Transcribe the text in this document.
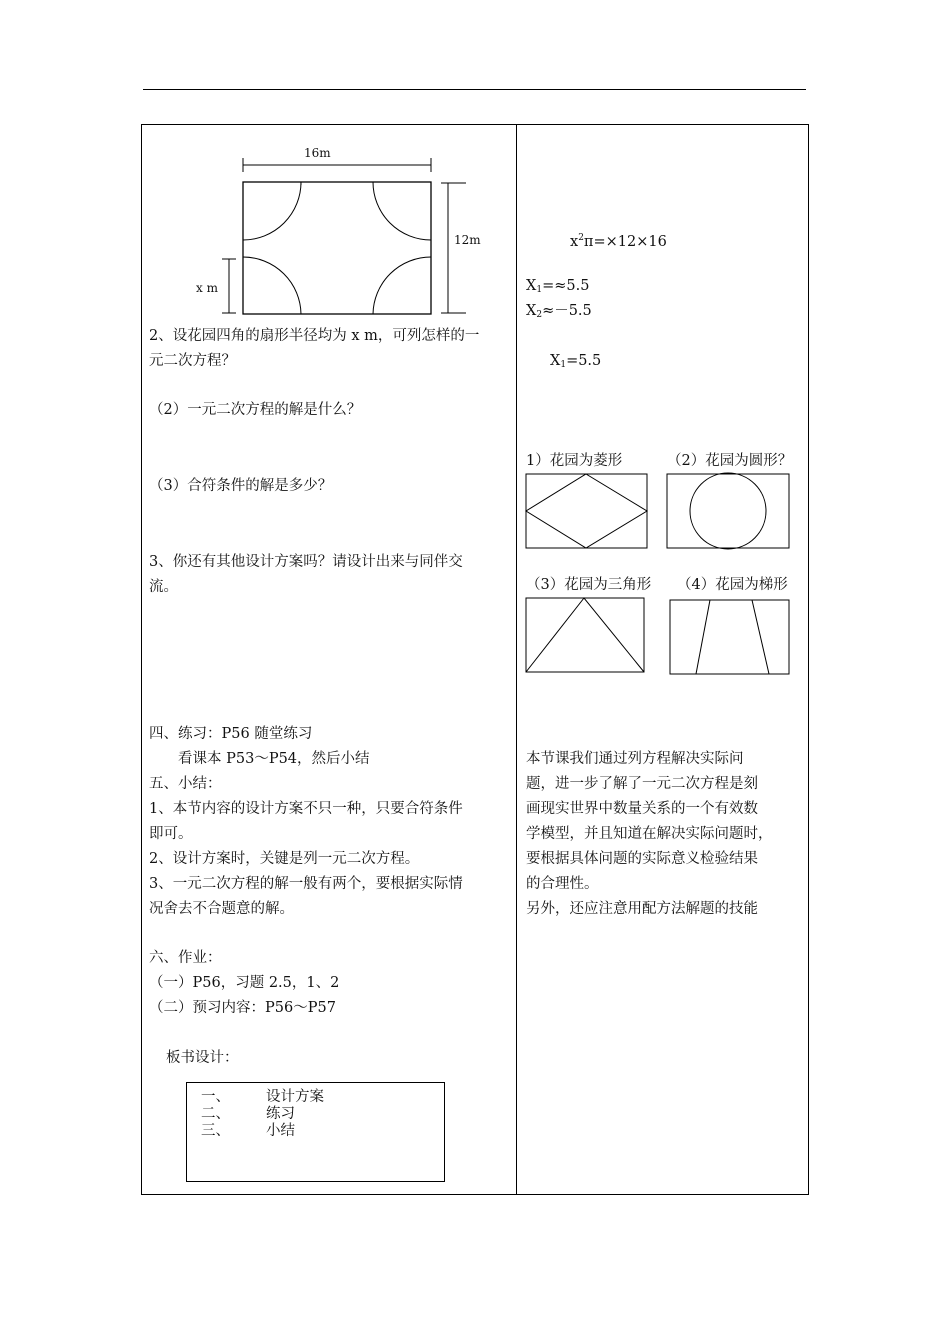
16m
12m
x m
2、设花园四角的扇形半径均为 x m，可列怎样的一
元二次方程？
（2）一元二次方程的解是什么？
（3）合符条件的解是多少？
3、你还有其他设计方案吗？请设计出来与同伴交
流。
四、练习：P56 随堂练习
看课本 P53～P54，然后小结
五、小结：
1、本节内容的设计方案不只一种，只要合符条件
即可。
2、设计方案时，关键是列一元二次方程。
3、一元二次方程的解一般有两个，要根据实际情
况舍去不合题意的解。
六、作业：
（一）P56，习题 2.5，1、2
（二）预习内容：P56～P57
板书设计：
一、 设计方案
二、 练习
三、 小结
$x^2\pi=\times 12\times 16$
$X_1=\approx 5.5$
$X_2\approx-5.5$
$X_1=5.5$
1）花园为菱形	（2）花园为圆形？
（3）花园为三角形 （4）花园为梯形
本节课我们通过列方程解决实际问
题，进一步了解了一元二次方程是刻
画现实世界中数量关系的一个有效数
学模型，并且知道在解决实际问题时，
要根据具体问题的实际意义检验结果
的合理性。
另外，还应注意用配方法解题的技能
